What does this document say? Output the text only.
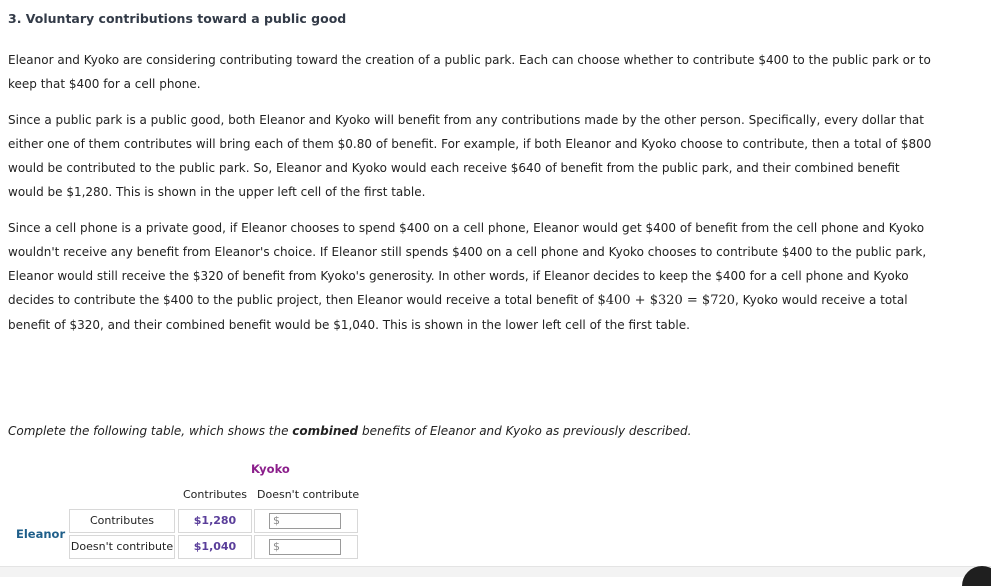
3. Voluntary contributions toward a public good
Eleanor and Kyoko are considering contributing toward the creation of a public park. Each can choose whether to contribute $400 to the public park or to keep that $400 for a cell phone.
Since a public park is a public good, both Eleanor and Kyoko will benefit from any contributions made by the other person. Specifically, every dollar that either one of them contributes will bring each of them $0.80 of benefit. For example, if both Eleanor and Kyoko choose to contribute, then a total of $800 would be contributed to the public park. So, Eleanor and Kyoko would each receive $640 of benefit from the public park, and their combined benefit would be $1,280. This is shown in the upper left cell of the first table.
Since a cell phone is a private good, if Eleanor chooses to spend $400 on a cell phone, Eleanor would get $400 of benefit from the cell phone and Kyoko wouldn't receive any benefit from Eleanor's choice. If Eleanor still spends $400 on a cell phone and Kyoko chooses to contribute $400 to the public park, Eleanor would still receive the $320 of benefit from Kyoko's generosity. In other words, if Eleanor decides to keep the $400 for a cell phone and Kyoko decides to contribute the $400 to the public project, then Eleanor would receive a total benefit of $400 + $320 = $720, Kyoko would receive a total benefit of $320, and their combined benefit would be $1,040. This is shown in the lower left cell of the first table.
Complete the following table, which shows the combined benefits of Eleanor and Kyoko as previously described.
Kyoko
Eleanor
Contributes Doesn't contribute
Contributes	$1,280	$
Doesn't contribute	$1,040	$
